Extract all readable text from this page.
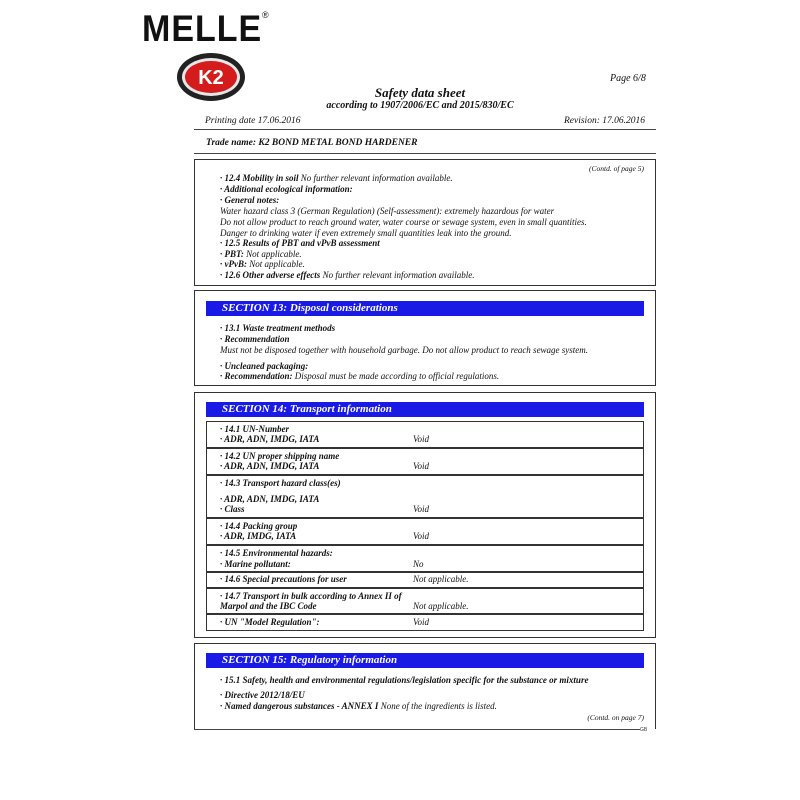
MELLE ®
K2	Page 6/8
Safety data sheet
according to 1907/2006/EC and 2015/830/EC
Printing date 17.06.2016	Revision: 17.06.2016
Trade name: K2 BOND METAL BOND HARDENER
(Contd. of page 5)
· 12.4 Mobility in soil No further relevant information available.
· Additional ecological information:
· General notes:
Water hazard class 3 (German Regulation) (Self-assessment): extremely hazardous for water
Do not allow product to reach ground water, water course or sewage system, even in small quantities.
Danger to drinking water if even extremely small quantities leak into the ground.
· 12.5 Results of PBT and vPvB assessment
· PBT: Not applicable.
· vPvB: Not applicable.
· 12.6 Other adverse effects No further relevant information available.
SECTION 13: Disposal considerations
· 13.1 Waste treatment methods
· Recommendation
Must not be disposed together with household garbage. Do not allow product to reach sewage system.
· Uncleaned packaging:
· Recommendation: Disposal must be made according to official regulations.
SECTION 14: Transport information
· 14.1 UN-Number
· ADR, ADN, IMDG, IATA	Void
· 14.2 UN proper shipping name
· ADR, ADN, IMDG, IATA	Void
· 14.3 Transport hazard class(es)
· ADR, ADN, IMDG, IATA
· Class	Void
· 14.4 Packing group
· ADR, IMDG, IATA	Void
· 14.5 Environmental hazards:
· Marine pollutant:	No
· 14.6 Special precautions for user	Not applicable.
· 14.7 Transport in bulk according to Annex II of
Marpol and the IBC Code	Not applicable.
· UN "Model Regulation":	Void
SECTION 15: Regulatory information
· 15.1 Safety, health and environmental regulations/legislation specific for the substance or mixture
· Directive 2012/18/EU
· Named dangerous substances - ANNEX I None of the ingredients is listed.
(Contd. on page 7)
GB
